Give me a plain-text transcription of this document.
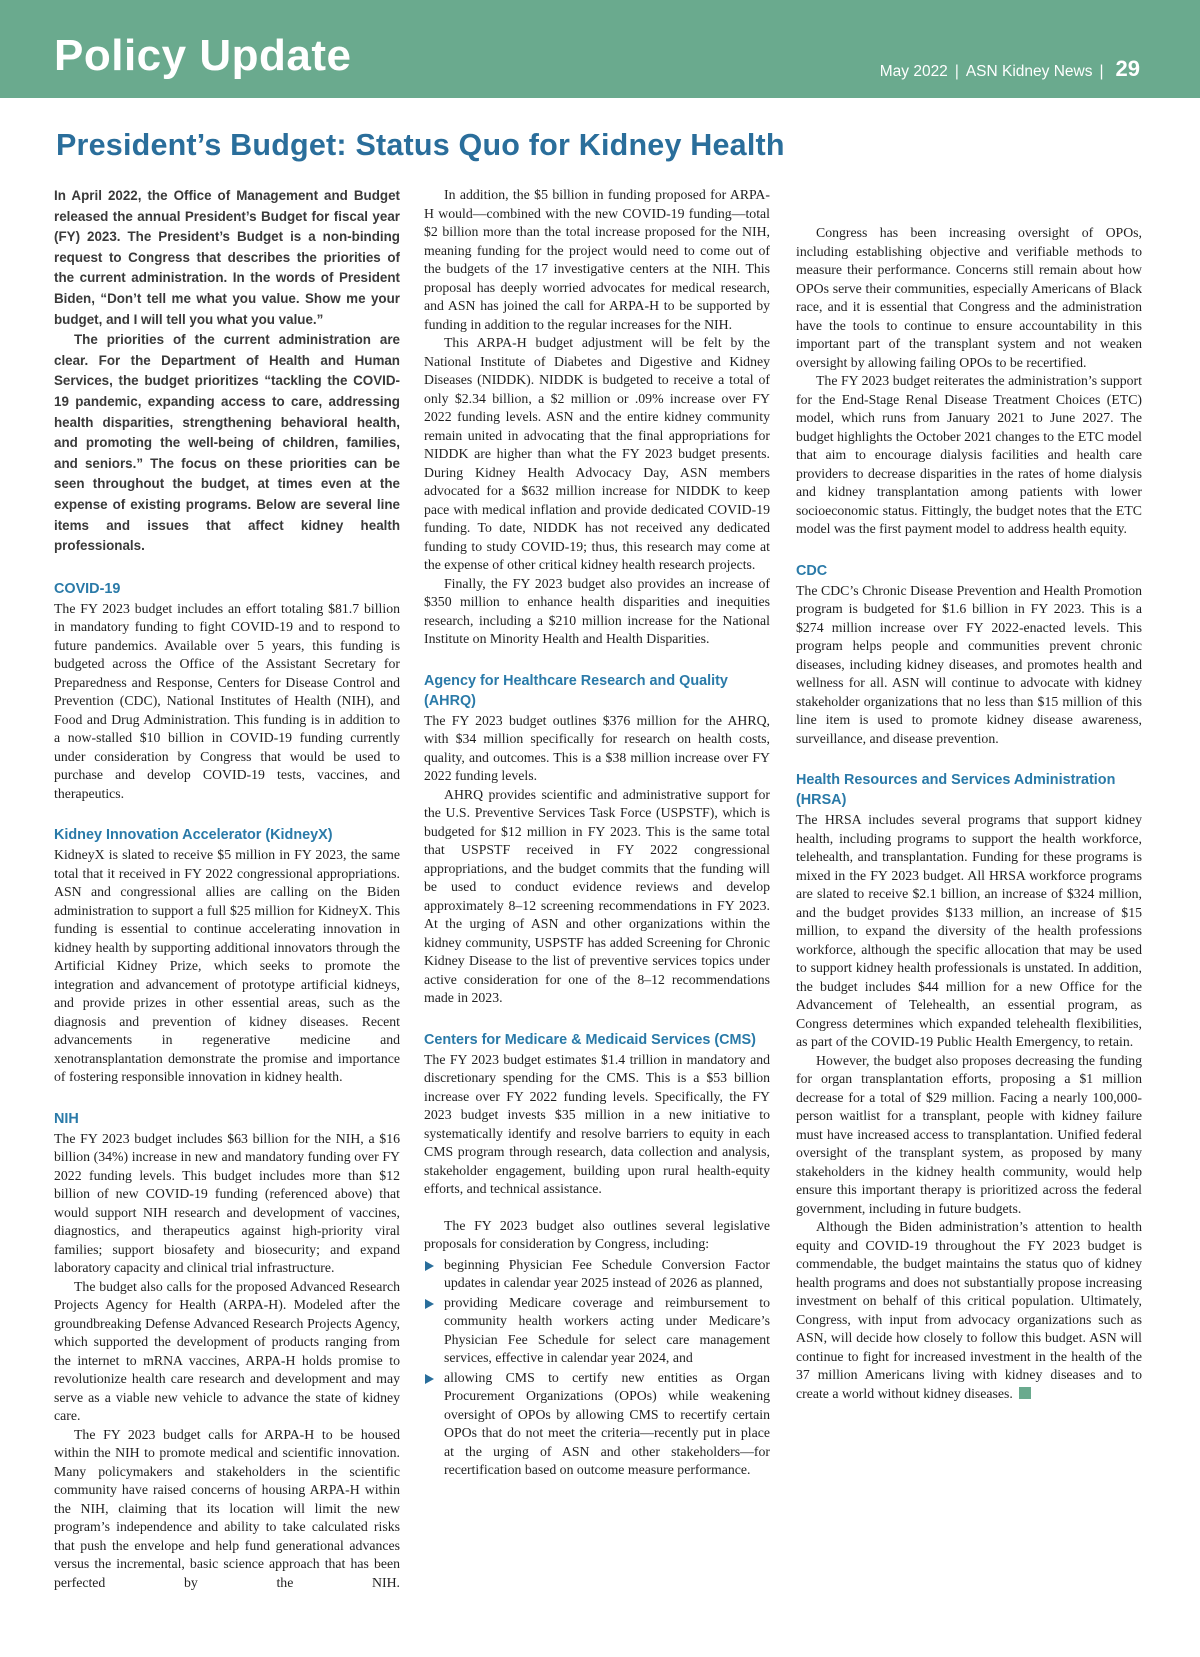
Policy Update	May 2022 | ASN Kidney News | 29
President’s Budget: Status Quo for Kidney Health

In April 2022, the Office of Management and Budget released the annual President’s Budget for fiscal year (FY) 2023. The President’s Budget is a non-binding request to Congress that describes the priorities of the current administration. In the words of President Biden, “Don’t tell me what you value. Show me your budget, and I will tell you what you value.”

The priorities of the current administration are clear. For the Department of Health and Human Services, the budget prioritizes “tackling the COVID-19 pandemic, expanding access to care, addressing health disparities, strengthening behavioral health, and promoting the well-being of children, families, and seniors.” The focus on these priorities can be seen throughout the budget, at times even at the expense of existing programs. Below are several line items and issues that affect kidney health professionals.

COVID-19

The FY 2023 budget includes an effort totaling $81.7 billion in mandatory funding to fight COVID-19 and to respond to future pandemics. Available over 5 years, this funding is budgeted across the Office of the Assistant Secretary for Preparedness and Response, Centers for Disease Control and Prevention (CDC), National Institutes of Health (NIH), and Food and Drug Administration. This funding is in addition to a now-stalled $10 billion in COVID-19 funding currently under consideration by Congress that would be used to purchase and develop COVID-19 tests, vaccines, and therapeutics.

Kidney Innovation Accelerator (KidneyX)

KidneyX is slated to receive $5 million in FY 2023, the same total that it received in FY 2022 congressional appropriations. ASN and congressional allies are calling on the Biden administration to support a full $25 million for KidneyX. This funding is essential to continue accelerating innovation in kidney health by supporting additional innovators through the Artificial Kidney Prize, which seeks to promote the integration and advancement of prototype artificial kidneys, and provide prizes in other essential areas, such as the diagnosis and prevention of kidney diseases. Recent advancements in regenerative medicine and xenotransplantation demonstrate the promise and importance of fostering responsible innovation in kidney health.

NIH

The FY 2023 budget includes $63 billion for the NIH, a $16 billion (34%) increase in new and mandatory funding over FY 2022 funding levels. This budget includes more than $12 billion of new COVID-19 funding (referenced above) that would support NIH research and development of vaccines, diagnostics, and therapeutics against high-priority viral families; support biosafety and biosecurity; and expand laboratory capacity and clinical trial infrastructure.

The budget also calls for the proposed Advanced Research Projects Agency for Health (ARPA-H). Modeled after the groundbreaking Defense Advanced Research Projects Agency, which supported the development of products ranging from the internet to mRNA vaccines, ARPA-H holds promise to revolutionize health care research and development and may serve as a viable new vehicle to advance the state of kidney care.

The FY 2023 budget calls for ARPA-H to be housed within the NIH to promote medical and scientific innovation. Many policymakers and stakeholders in the scientific community have raised concerns of housing ARPA-H within the NIH, claiming that its location will limit the new program’s independence and ability to take calculated risks that push the envelope and help fund generational advances versus the incremental, basic science approach that has been perfected by the NIH.

In addition, the $5 billion in funding proposed for ARPA-H would—combined with the new COVID-19 funding—total $2 billion more than the total increase proposed for the NIH, meaning funding for the project would need to come out of the budgets of the 17 investigative centers at the NIH. This proposal has deeply worried advocates for medical research, and ASN has joined the call for ARPA-H to be supported by funding in addition to the regular increases for the NIH.

This ARPA-H budget adjustment will be felt by the National Institute of Diabetes and Digestive and Kidney Diseases (NIDDK). NIDDK is budgeted to receive a total of only $2.34 billion, a $2 million or .09% increase over FY 2022 funding levels. ASN and the entire kidney community remain united in advocating that the final appropriations for NIDDK are higher than what the FY 2023 budget presents. During Kidney Health Advocacy Day, ASN members advocated for a $632 million increase for NIDDK to keep pace with medical inflation and provide dedicated COVID-19 funding. To date, NIDDK has not received any dedicated funding to study COVID-19; thus, this research may come at the expense of other critical kidney health research projects.

Finally, the FY 2023 budget also provides an increase of $350 million to enhance health disparities and inequities research, including a $210 million increase for the National Institute on Minority Health and Health Disparities.

Agency for Healthcare Research and Quality (AHRQ)

The FY 2023 budget outlines $376 million for the AHRQ, with $34 million specifically for research on health costs, quality, and outcomes. This is a $38 million increase over FY 2022 funding levels.

AHRQ provides scientific and administrative support for the U.S. Preventive Services Task Force (USPSTF), which is budgeted for $12 million in FY 2023. This is the same total that USPSTF received in FY 2022 congressional appropriations, and the budget commits that the funding will be used to conduct evidence reviews and develop approximately 8–12 screening recommendations in FY 2023. At the urging of ASN and other organizations within the kidney community, USPSTF has added Screening for Chronic Kidney Disease to the list of preventive services topics under active consideration for one of the 8–12 recommendations made in 2023.

Centers for Medicare & Medicaid Services (CMS)

The FY 2023 budget estimates $1.4 trillion in mandatory and discretionary spending for the CMS. This is a $53 billion increase over FY 2022 funding levels. Specifically, the FY 2023 budget invests $35 million in a new initiative to systematically identify and resolve barriers to equity in each CMS program through research, data collection and analysis, stakeholder engagement, building upon rural health-equity efforts, and technical assistance.

The FY 2023 budget also outlines several legislative proposals for consideration by Congress, including:

beginning Physician Fee Schedule Conversion Factor updates in calendar year 2025 instead of 2026 as planned,
providing Medicare coverage and reimbursement to community health workers acting under Medicare’s Physician Fee Schedule for select care management services, effective in calendar year 2024, and
allowing CMS to certify new entities as Organ Procurement Organizations (OPOs) while weakening oversight of OPOs by allowing CMS to recertify certain OPOs that do not meet the criteria—recently put in place at the urging of ASN and other stakeholders—for recertification based on outcome measure performance.

Congress has been increasing oversight of OPOs, including establishing objective and verifiable methods to measure their performance. Concerns still remain about how OPOs serve their communities, especially Americans of Black race, and it is essential that Congress and the administration have the tools to continue to ensure accountability in this important part of the transplant system and not weaken oversight by allowing failing OPOs to be recertified.

The FY 2023 budget reiterates the administration’s support for the End-Stage Renal Disease Treatment Choices (ETC) model, which runs from January 2021 to June 2027. The budget highlights the October 2021 changes to the ETC model that aim to encourage dialysis facilities and health care providers to decrease disparities in the rates of home dialysis and kidney transplantation among patients with lower socioeconomic status. Fittingly, the budget notes that the ETC model was the first payment model to address health equity.

CDC

The CDC’s Chronic Disease Prevention and Health Promotion program is budgeted for $1.6 billion in FY 2023. This is a $274 million increase over FY 2022-enacted levels. This program helps people and communities prevent chronic diseases, including kidney diseases, and promotes health and wellness for all. ASN will continue to advocate with kidney stakeholder organizations that no less than $15 million of this line item is used to promote kidney disease awareness, surveillance, and disease prevention.

Health Resources and Services Administration (HRSA)

The HRSA includes several programs that support kidney health, including programs to support the health workforce, telehealth, and transplantation. Funding for these programs is mixed in the FY 2023 budget. All HRSA workforce programs are slated to receive $2.1 billion, an increase of $324 million, and the budget provides $133 million, an increase of $15 million, to expand the diversity of the health professions workforce, although the specific allocation that may be used to support kidney health professionals is unstated. In addition, the budget includes $44 million for a new Office for the Advancement of Telehealth, an essential program, as Congress determines which expanded telehealth flexibilities, as part of the COVID-19 Public Health Emergency, to retain.

However, the budget also proposes decreasing the funding for organ transplantation efforts, proposing a $1 million decrease for a total of $29 million. Facing a nearly 100,000-person waitlist for a transplant, people with kidney failure must have increased access to transplantation. Unified federal oversight of the transplant system, as proposed by many stakeholders in the kidney health community, would help ensure this important therapy is prioritized across the federal government, including in future budgets.

Although the Biden administration’s attention to health equity and COVID-19 throughout the FY 2023 budget is commendable, the budget maintains the status quo of kidney health programs and does not substantially propose increasing investment on behalf of this critical population. Ultimately, Congress, with input from advocacy organizations such as ASN, will decide how closely to follow this budget. ASN will continue to fight for increased investment in the health of the 37 million Americans living with kidney diseases and to create a world without kidney diseases.
